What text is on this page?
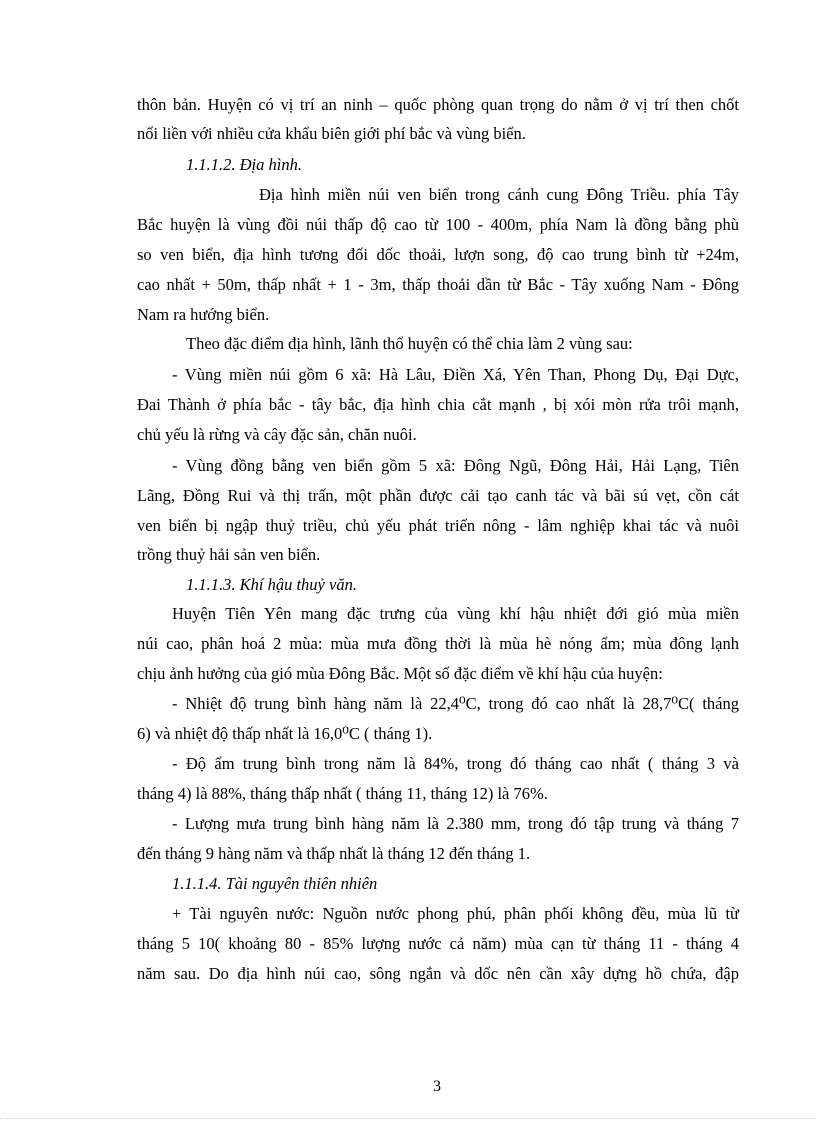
thôn bản. Huyện có vị trí an ninh – quốc phòng quan trọng do nằm ở vị trí then chốt
nối liền với nhiều cửa khẩu biên giới phí bắc và vùng biển.
1.1.1.2. Địa hình.
Địa hình miền núi ven biển trong cánh cung Đông Triều. phía Tây
Bắc huyện là vùng đồi núi thấp độ cao từ 100 - 400m, phía Nam là đồng bằng phù
so ven biển, địa hình tương đối dốc thoải, lượn song, độ cao trung bình từ +24m,
cao nhất + 50m, thấp nhất + 1 - 3m, thấp thoải dần từ Bắc - Tây xuống Nam - Đông
Nam ra hướng biển.
Theo đặc điểm địa hình, lãnh thổ huyện có thể chia làm 2 vùng sau:
- Vùng miền núi gồm 6 xã: Hà Lâu, Điền Xá, Yên Than, Phong Dụ, Đại Dực,
Đai Thành ở phía bắc - tây bắc, địa hình chia cắt mạnh , bị xói mòn rửa trôi mạnh,
chủ yếu là rừng và cây đặc sản, chăn nuôi.
- Vùng đồng bằng ven biển gồm 5 xã: Đông Ngũ, Đông Hải, Hải Lạng, Tiên
Lãng, Đồng Rui và thị trấn, một phần được cải tạo canh tác và bãi sú vẹt, cồn cát
ven biển bị ngập thuỷ triều, chủ yếu phát triển nông - lâm nghiệp khai tác và nuôi
trồng thuỷ hải sản ven biển.
1.1.1.3. Khí hậu thuỷ văn.
Huyện Tiên Yên mang đặc trưng của vùng khí hậu nhiệt đới gió mùa miền
núi cao, phân hoá 2 mùa: mùa mưa đồng thời là mùa hè nóng ẩm; mùa đông lạnh
chịu ảnh hưởng của gió mùa Đông Bắc. Một số đặc điểm về khí hậu của huyện:
- Nhiệt độ trung bình hàng năm là 22,4⁰C, trong đó cao nhất là 28,7⁰C( tháng
6) và nhiệt độ thấp nhất là 16,0⁰C ( tháng 1).
- Độ ẩm trung bình trong năm là 84%, trong đó tháng cao nhất ( tháng 3 và
tháng 4) là 88%, tháng thấp nhất ( tháng 11, tháng 12) là 76%.
- Lượng mưa trung bình hàng năm là 2.380 mm, trong đó tập trung và tháng 7
đến tháng 9 hàng năm và thấp nhất là tháng 12 đến tháng 1.
1.1.1.4. Tài nguyên thiên nhiên
+ Tài nguyên nước: Nguồn nước phong phú, phân phối không đều, mùa lũ từ
tháng 5 10( khoảng 80 - 85% lượng nước cả năm) mùa cạn từ tháng 11 - tháng 4
năm sau. Do địa hình núi cao, sông ngắn và dốc nên cần xây dựng hồ chứa, đập
3
